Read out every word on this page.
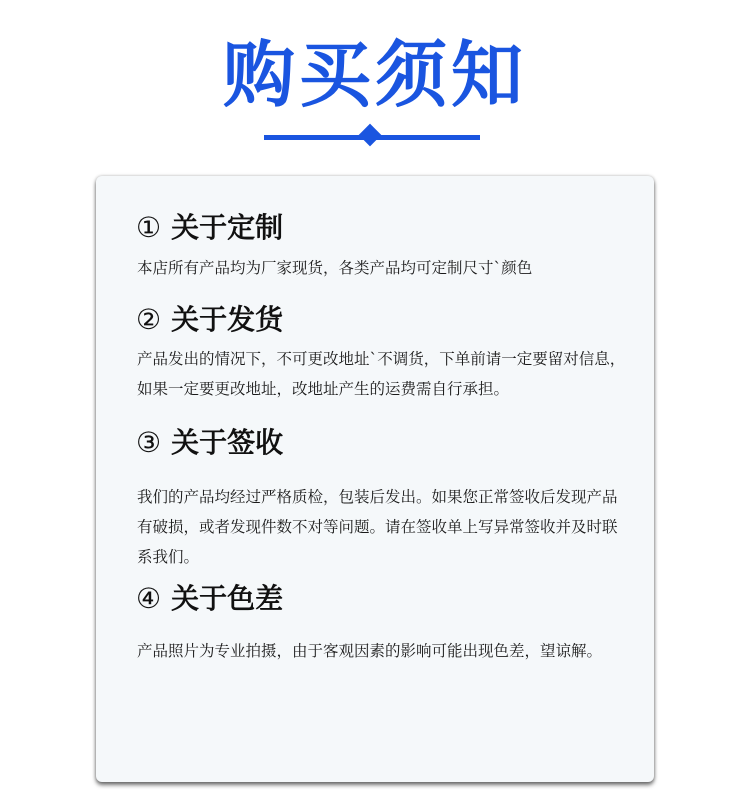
购买须知
① 关于定制
本店所有产品均为厂家现货，各类产品均可定制尺寸`颜色
② 关于发货
产品发出的情况下，不可更改地址`不调货，下单前请一定要留对信息，如果一定要更改地址，改地址产生的运费需自行承担。
③ 关于签收
我们的产品均经过严格质检，包装后发出。如果您正常签收后发现产品有破损，或者发现件数不对等问题。请在签收单上写异常签收并及时联系我们。
④ 关于色差
产品照片为专业拍摄，由于客观因素的影响可能出现色差，望谅解。
